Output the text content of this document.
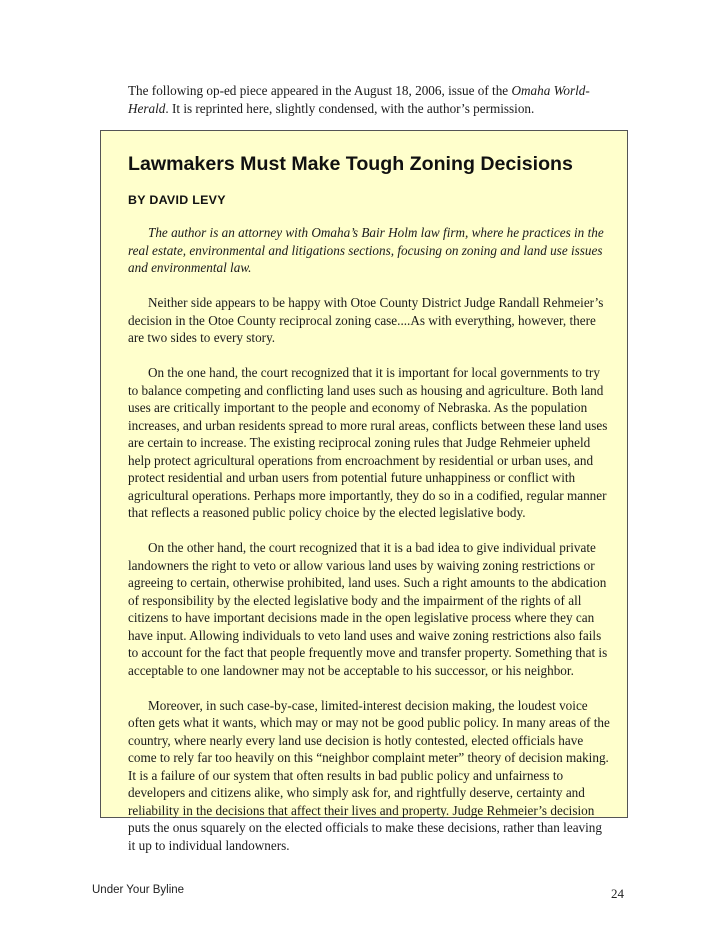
The following op-ed piece appeared in the August 18, 2006, issue of the Omaha World-Herald. It is reprinted here, slightly condensed, with the author’s permission.
Lawmakers Must Make Tough Zoning Decisions
BY DAVID LEVY

The author is an attorney with Omaha’s Bair Holm law firm, where he practices in the real estate, environmental and litigations sections, focusing on zoning and land use issues and environmental law.

Neither side appears to be happy with Otoe County District Judge Randall Rehmeier’s decision in the Otoe County reciprocal zoning case....As with everything, however, there are two sides to every story.

On the one hand, the court recognized that it is important for local governments to try to balance competing and conflicting land uses such as housing and agriculture. Both land uses are critically important to the people and economy of Nebraska. As the population increases, and urban residents spread to more rural areas, conflicts between these land uses are certain to increase. The existing reciprocal zoning rules that Judge Rehmeier upheld help protect agricultural operations from encroachment by residential or urban uses, and protect residential and urban users from potential future unhappiness or conflict with agricultural operations. Perhaps more importantly, they do so in a codified, regular manner that reflects a reasoned public policy choice by the elected legislative body.

On the other hand, the court recognized that it is a bad idea to give individual private landowners the right to veto or allow various land uses by waiving zoning restrictions or agreeing to certain, otherwise prohibited, land uses. Such a right amounts to the abdication of responsibility by the elected legislative body and the impairment of the rights of all citizens to have important decisions made in the open legislative process where they can have input. Allowing individuals to veto land uses and waive zoning restrictions also fails to account for the fact that people frequently move and transfer property. Something that is acceptable to one landowner may not be acceptable to his successor, or his neighbor.

Moreover, in such case-by-case, limited-interest decision making, the loudest voice often gets what it wants, which may or may not be good public policy. In many areas of the country, where nearly every land use decision is hotly contested, elected officials have come to rely far too heavily on this “neighbor complaint meter” theory of decision making. It is a failure of our system that often results in bad public policy and unfairness to developers and citizens alike, who simply ask for, and rightfully deserve, certainty and reliability in the decisions that affect their lives and property. Judge Rehmeier’s decision puts the onus squarely on the elected officials to make these decisions, rather than leaving it up to individual landowners.

Under Your Byline	24
